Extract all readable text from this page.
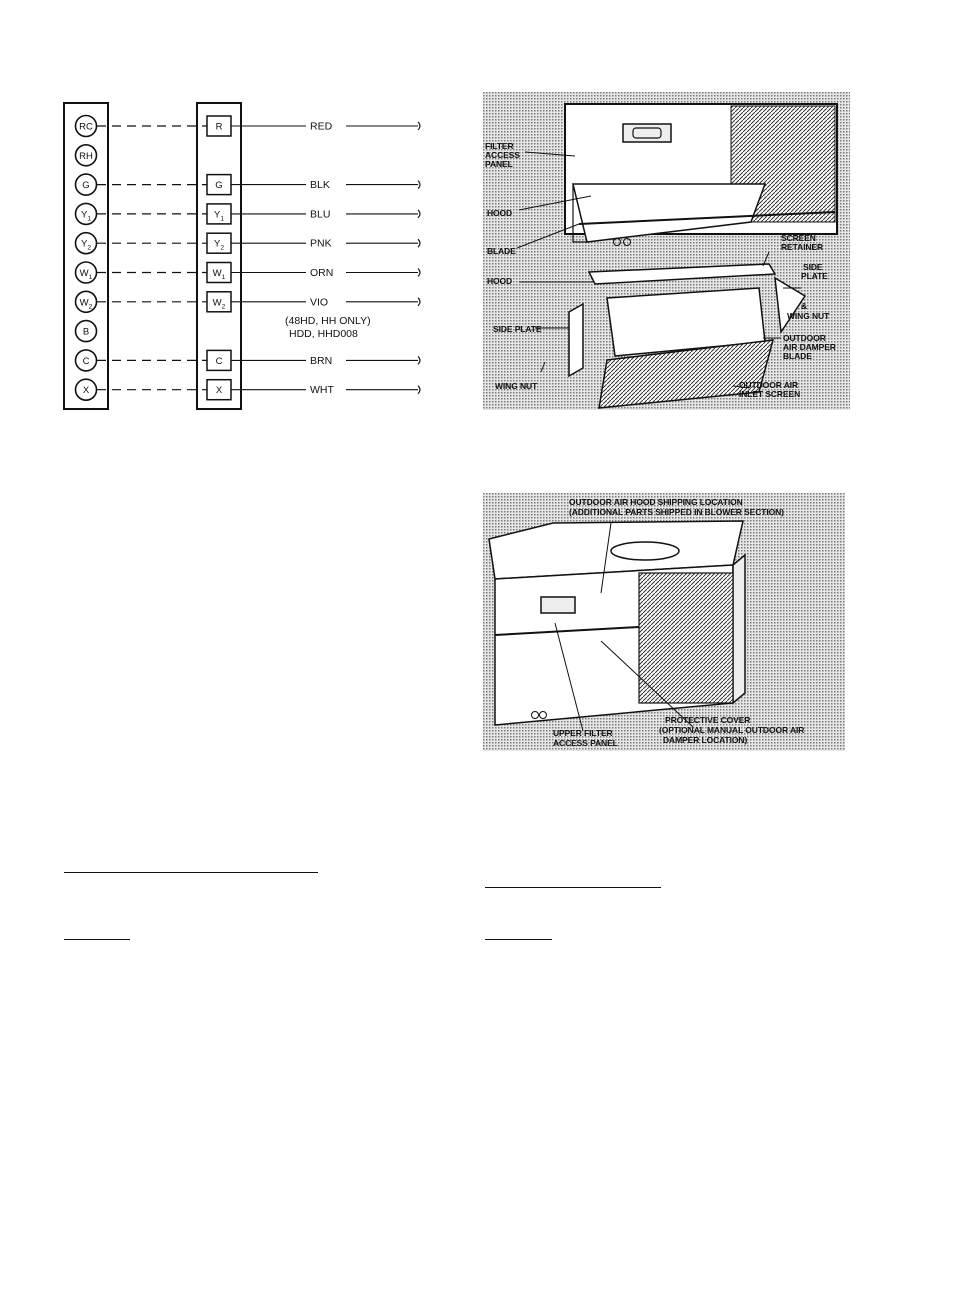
RC	R	RED
RH
G	G	BLK
$Y_1$	$Y_1$	BLU
$Y_2$	$Y_2$	PNK
$W_1$	$W_1$	ORN
$W_2$	$W_2$	VIO
B
C	C	BRN
X	X	WHT
(48HD, HH ONLY)
HDD, HHD008
FILTER
ACCESS
PANEL
HOOD
BLADE
SCREEN
RETAINER
HOOD
SIDE
PLATE
&
WING NUT
SIDE PLATE
OUTDOOR
AIR DAMPER
BLADE
WING NUT	OUTDOOR AIR
INLET SCREEN
OUTDOOR AIR HOOD SHIPPING LOCATION
(ADDITIONAL PARTS SHIPPED IN BLOWER SECTION)
UPPER FILTER
ACCESS PANEL
PROTECTIVE COVER
(OPTIONAL MANUAL OUTDOOR AIR
DAMPER LOCATION)
